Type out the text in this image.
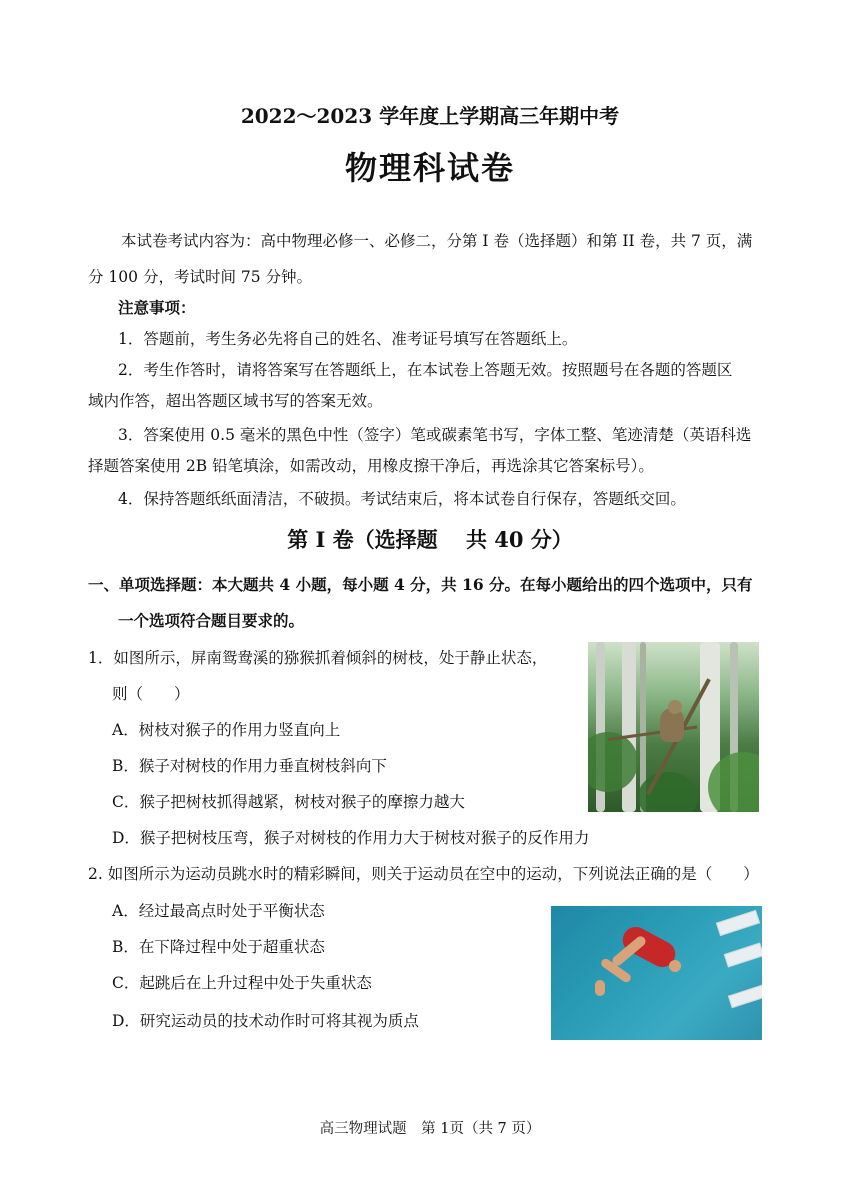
2022～2023 学年度上学期高三年期中考
物理科试卷
本试卷考试内容为：高中物理必修一、必修二，分第 I 卷（选择题）和第 II 卷，共 7 页，满
分 100 分，考试时间 75 分钟。
注意事项：
1．答题前，考生务必先将自己的姓名、准考证号填写在答题纸上。
2．考生作答时，请将答案写在答题纸上，在本试卷上答题无效。按照题号在各题的答题区
域内作答，超出答题区域书写的答案无效。
3．答案使用 0.5 毫米的黑色中性（签字）笔或碳素笔书写，字体工整、笔迹清楚（英语科选
择题答案使用 2B 铅笔填涂，如需改动，用橡皮擦干净后，再选涂其它答案标号）。
4．保持答题纸纸面清洁，不破损。考试结束后，将本试卷自行保存，答题纸交回。
第 I 卷（选择题　 共 40 分）
一、单项选择题：本大题共 4 小题，每小题 4 分，共 16 分。在每小题给出的四个选项中，只有
一个选项符合题目要求的。
1．如图所示，屏南鸳鸯溪的猕猴抓着倾斜的树枝，处于静止状态，
则（　　）
A．树枝对猴子的作用力竖直向上
B．猴子对树枝的作用力垂直树枝斜向下
C．猴子把树枝抓得越紧，树枝对猴子的摩擦力越大
D．猴子把树枝压弯，猴子对树枝的作用力大于树枝对猴子的反作用力
2. 如图所示为运动员跳水时的精彩瞬间，则关于运动员在空中的运动，下列说法正确的是（　　）
A．经过最高点时处于平衡状态
B．在下降过程中处于超重状态
C．起跳后在上升过程中处于失重状态
D．研究运动员的技术动作时可将其视为质点
高三物理试题　第 1页（共 7 页）
